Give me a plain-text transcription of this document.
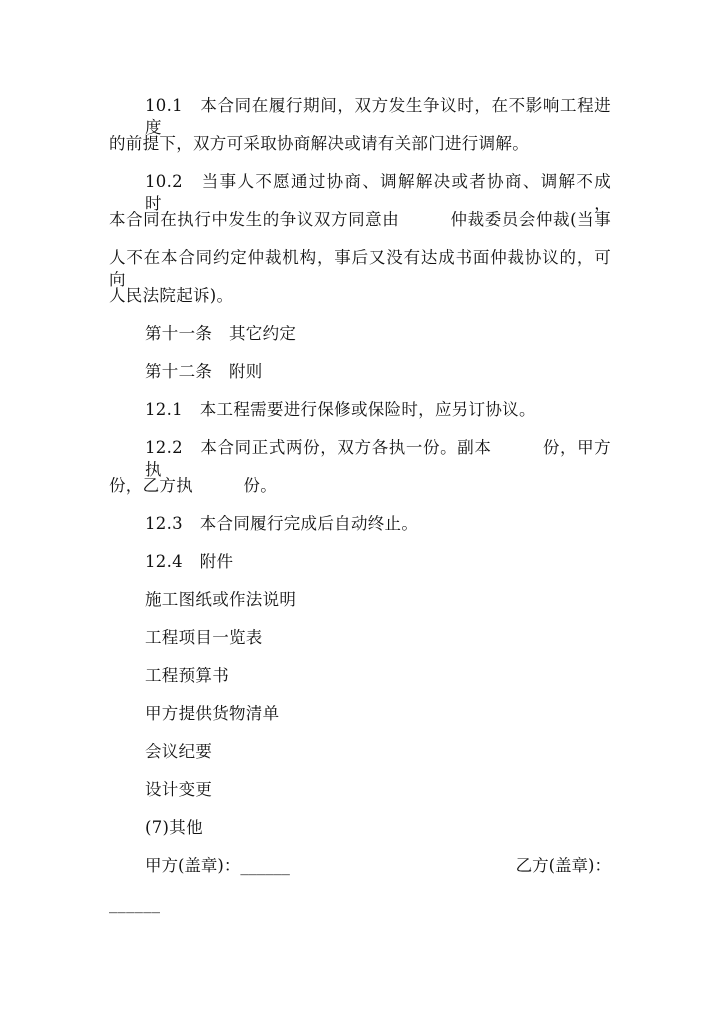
10.1　本合同在履行期间，双方发生争议时，在不影响工程进度
的前提下，双方可采取协商解决或请有关部门进行调解。
10.2　当事人不愿通过协商、调解解决或者协商、调解不成时，
本合同在执行中发生的争议双方同意由　　　仲裁委员会仲裁(当事
人不在本合同约定仲裁机构，事后又没有达成书面仲裁协议的，可向
人民法院起诉)。
第十一条　其它约定
第十二条　附则
12.1　本工程需要进行保修或保险时，应另订协议。
12.2　本合同正式两份，双方各执一份。副本　　　份，甲方执
份，乙方执　　　份。
12.3　本合同履行完成后自动终止。
12.4　附件
施工图纸或作法说明
工程项目一览表
工程预算书
甲方提供货物清单
会议纪要
设计变更
(7)其他
甲方(盖章)：______	乙方(盖章)：
______
